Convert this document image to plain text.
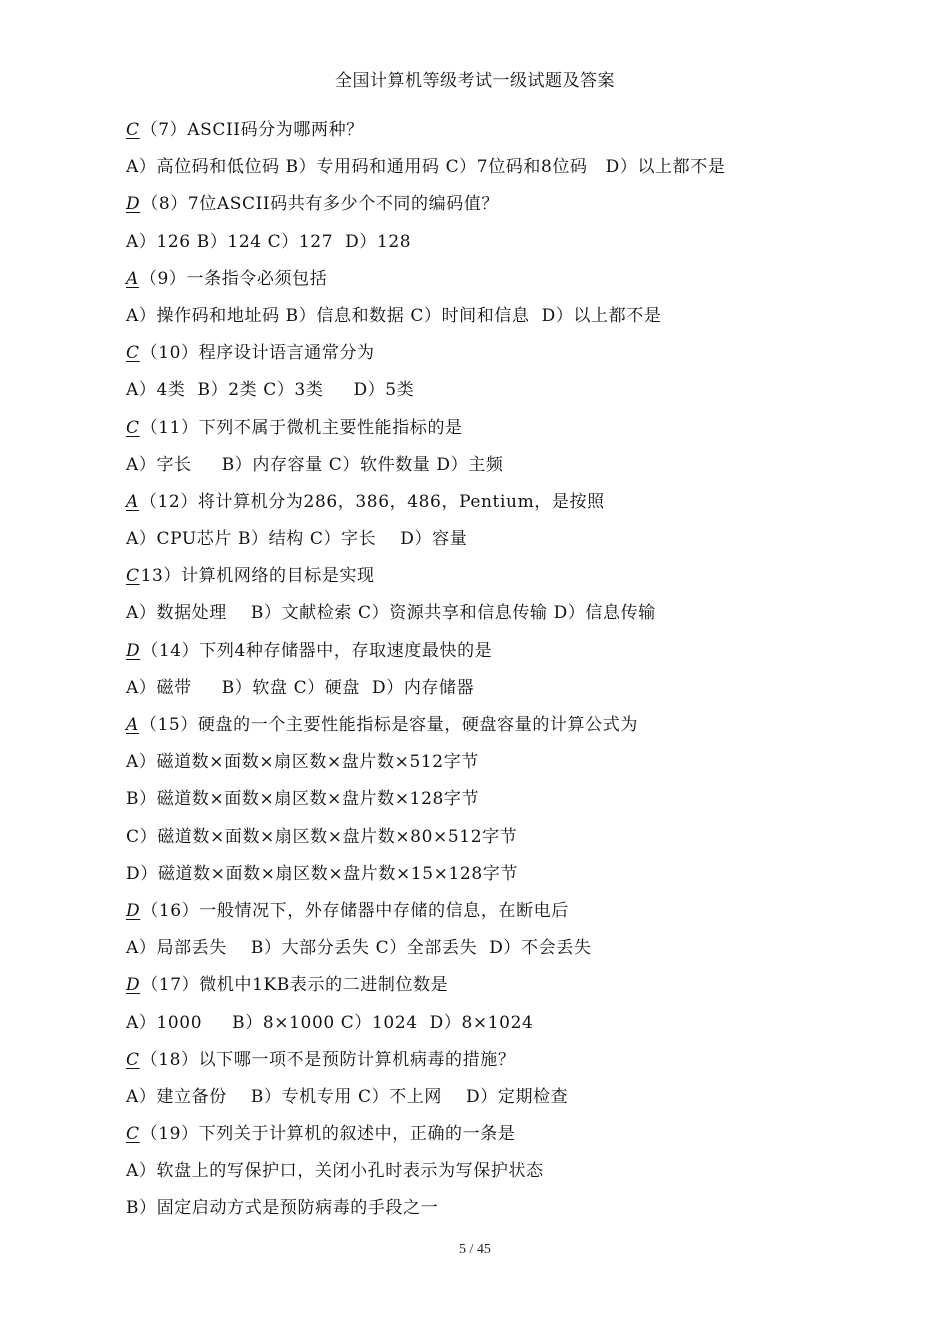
全国计算机等级考试一级试题及答案
C（7）ASCII码分为哪两种？
A）高位码和低位码 B）专用码和通用码 C）7位码和8位码   D）以上都不是
D（8）7位ASCII码共有多少个不同的编码值？
A）126 B）124 C）127  D）128
A（9）一条指令必须包括
A）操作码和地址码 B）信息和数据 C）时间和信息  D）以上都不是
C（10）程序设计语言通常分为
A）4类  B）2类 C）3类     D）5类
C（11）下列不属于微机主要性能指标的是
A）字长     B）内存容量 C）软件数量 D）主频
A（12）将计算机分为286，386，486，Pentium，是按照
A）CPU芯片 B）结构 C）字长    D）容量
C13）计算机网络的目标是实现
A）数据处理    B）文献检索 C）资源共享和信息传输 D）信息传输
D（14）下列4种存储器中，存取速度最快的是
A）磁带     B）软盘 C）硬盘  D）内存储器
A（15）硬盘的一个主要性能指标是容量，硬盘容量的计算公式为
A）磁道数×面数×扇区数×盘片数×512字节
B）磁道数×面数×扇区数×盘片数×128字节
C）磁道数×面数×扇区数×盘片数×80×512字节
D）磁道数×面数×扇区数×盘片数×15×128字节
D（16）一般情况下，外存储器中存储的信息，在断电后
A）局部丢失    B）大部分丢失 C）全部丢失  D）不会丢失
D（17）微机中1KB表示的二进制位数是
A）1000     B）8×1000 C）1024  D）8×1024
C（18）以下哪一项不是预防计算机病毒的措施？
A）建立备份    B）专机专用 C）不上网    D）定期检查
C（19）下列关于计算机的叙述中，正确的一条是
A）软盘上的写保护口，关闭小孔时表示为写保护状态
B）固定启动方式是预防病毒的手段之一
5 / 45
